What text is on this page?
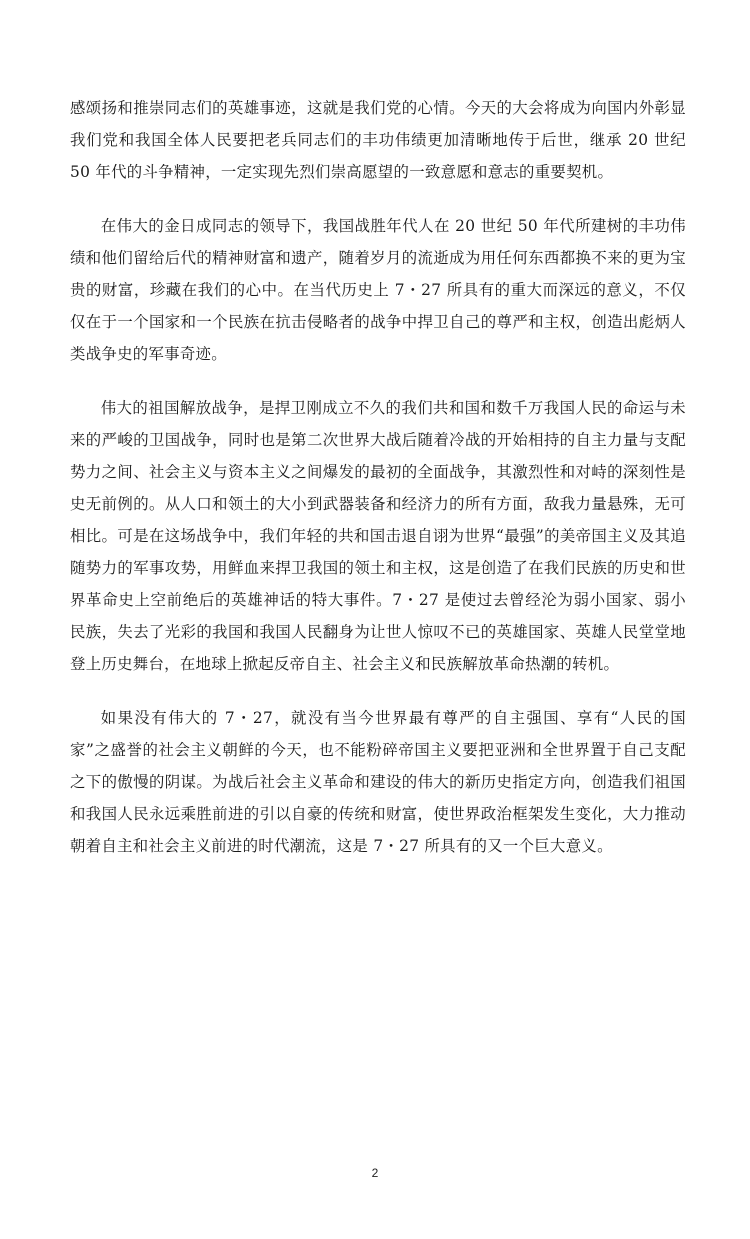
感颂扬和推崇同志们的英雄事迹，这就是我们党的心情。今天的大会将成为向国内外彰显我们党和我国全体人民要把老兵同志们的丰功伟绩更加清晰地传于后世，继承 20 世纪 50 年代的斗争精神，一定实现先烈们崇高愿望的一致意愿和意志的重要契机。

在伟大的金日成同志的领导下，我国战胜年代人在 20 世纪 50 年代所建树的丰功伟绩和他们留给后代的精神财富和遗产，随着岁月的流逝成为用任何东西都换不来的更为宝贵的财富，珍藏在我们的心中。在当代历史上 7・27 所具有的重大而深远的意义，不仅仅在于一个国家和一个民族在抗击侵略者的战争中捍卫自己的尊严和主权，创造出彪炳人类战争史的军事奇迹。

伟大的祖国解放战争，是捍卫刚成立不久的我们共和国和数千万我国人民的命运与未来的严峻的卫国战争，同时也是第二次世界大战后随着冷战的开始相持的自主力量与支配势力之间、社会主义与资本主义之间爆发的最初的全面战争，其激烈性和对峙的深刻性是史无前例的。从人口和领土的大小到武器装备和经济力的所有方面，敌我力量悬殊，无可相比。可是在这场战争中，我们年轻的共和国击退自诩为世界“最强”的美帝国主义及其追随势力的军事攻势，用鲜血来捍卫我国的领土和主权，这是创造了在我们民族的历史和世界革命史上空前绝后的英雄神话的特大事件。7・27 是使过去曾经沦为弱小国家、弱小民族，失去了光彩的我国和我国人民翻身为让世人惊叹不已的英雄国家、英雄人民堂堂地登上历史舞台，在地球上掀起反帝自主、社会主义和民族解放革命热潮的转机。

如果没有伟大的 7・27，就没有当今世界最有尊严的自主强国、享有“人民的国家”之盛誉的社会主义朝鲜的今天，也不能粉碎帝国主义要把亚洲和全世界置于自己支配之下的傲慢的阴谋。为战后社会主义革命和建设的伟大的新历史指定方向，创造我们祖国和我国人民永远乘胜前进的引以自豪的传统和财富，使世界政治框架发生变化，大力推动朝着自主和社会主义前进的时代潮流，这是 7・27 所具有的又一个巨大意义。

2
